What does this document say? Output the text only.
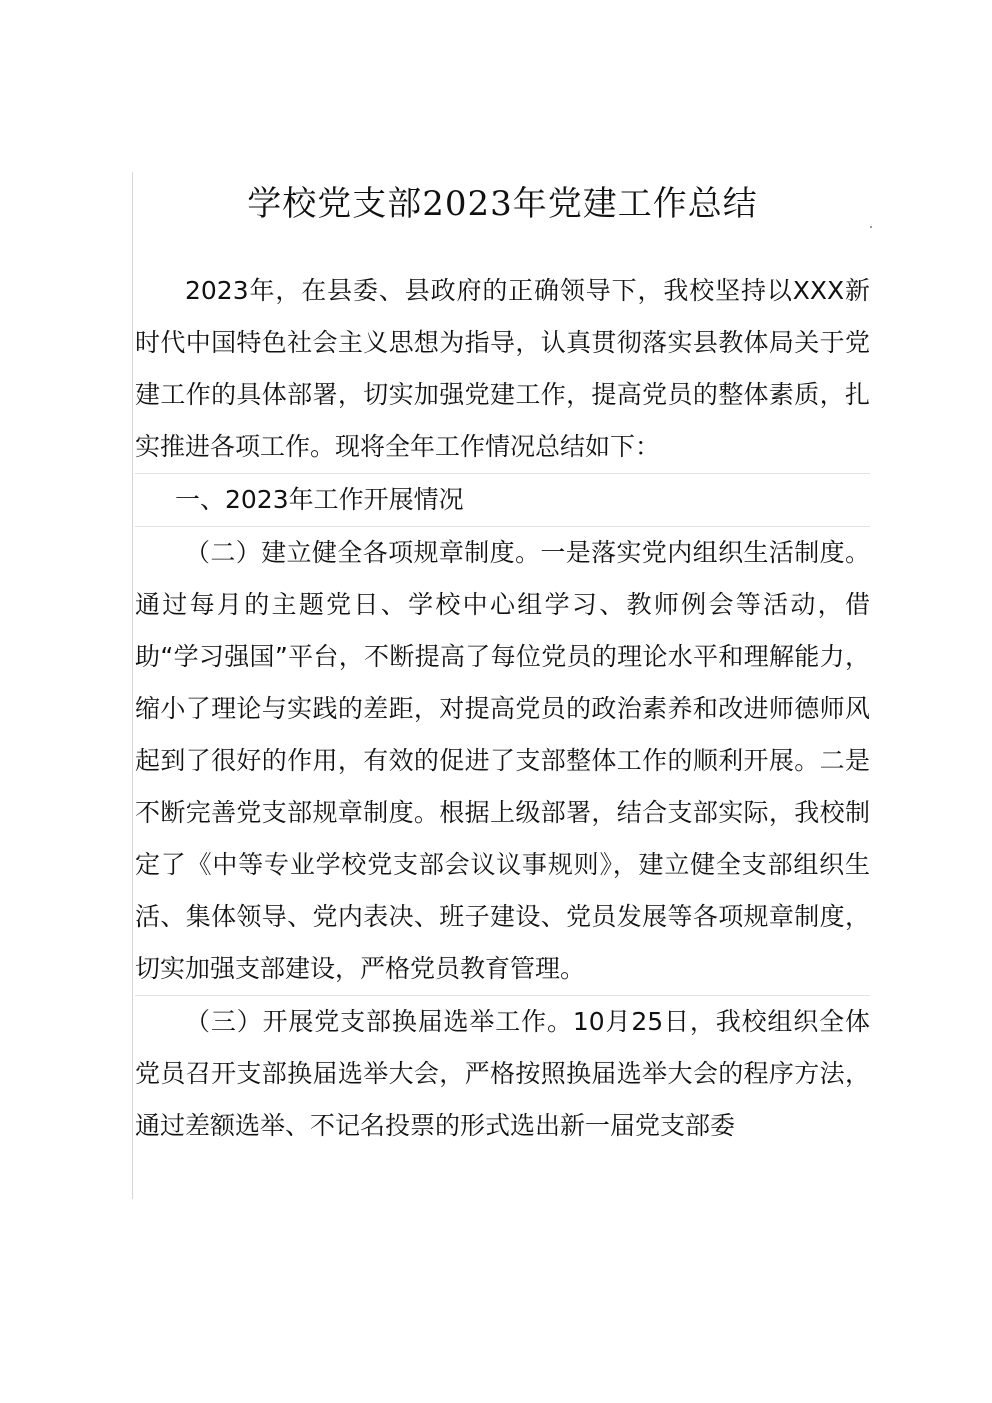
学校党支部2023年党建工作总结

2023年，在县委、县政府的正确领导下，我校坚持以XXX新时代中国特色社会主义思想为指导，认真贯彻落实县教体局关于党建工作的具体部署，切实加强党建工作，提高党员的整体素质，扎实推进各项工作。现将全年工作情况总结如下：

一、2023年工作开展情况

（二）建立健全各项规章制度。一是落实党内组织生活制度。通过每月的主题党日、学校中心组学习、教师例会等活动，借助“学习强国”平台，不断提高了每位党员的理论水平和理解能力，缩小了理论与实践的差距，对提高党员的政治素养和改进师德师风起到了很好的作用，有效的促进了支部整体工作的顺利开展。二是不断完善党支部规章制度。根据上级部署，结合支部实际，我校制定了《中等专业学校党支部会议议事规则》，建立健全支部组织生活、集体领导、党内表决、班子建设、党员发展等各项规章制度，切实加强支部建设，严格党员教育管理。

（三）开展党支部换届选举工作。10月25日，我校组织全体党员召开支部换届选举大会，严格按照换届选举大会的程序方法，通过差额选举、不记名投票的形式选出新一届党支部委
